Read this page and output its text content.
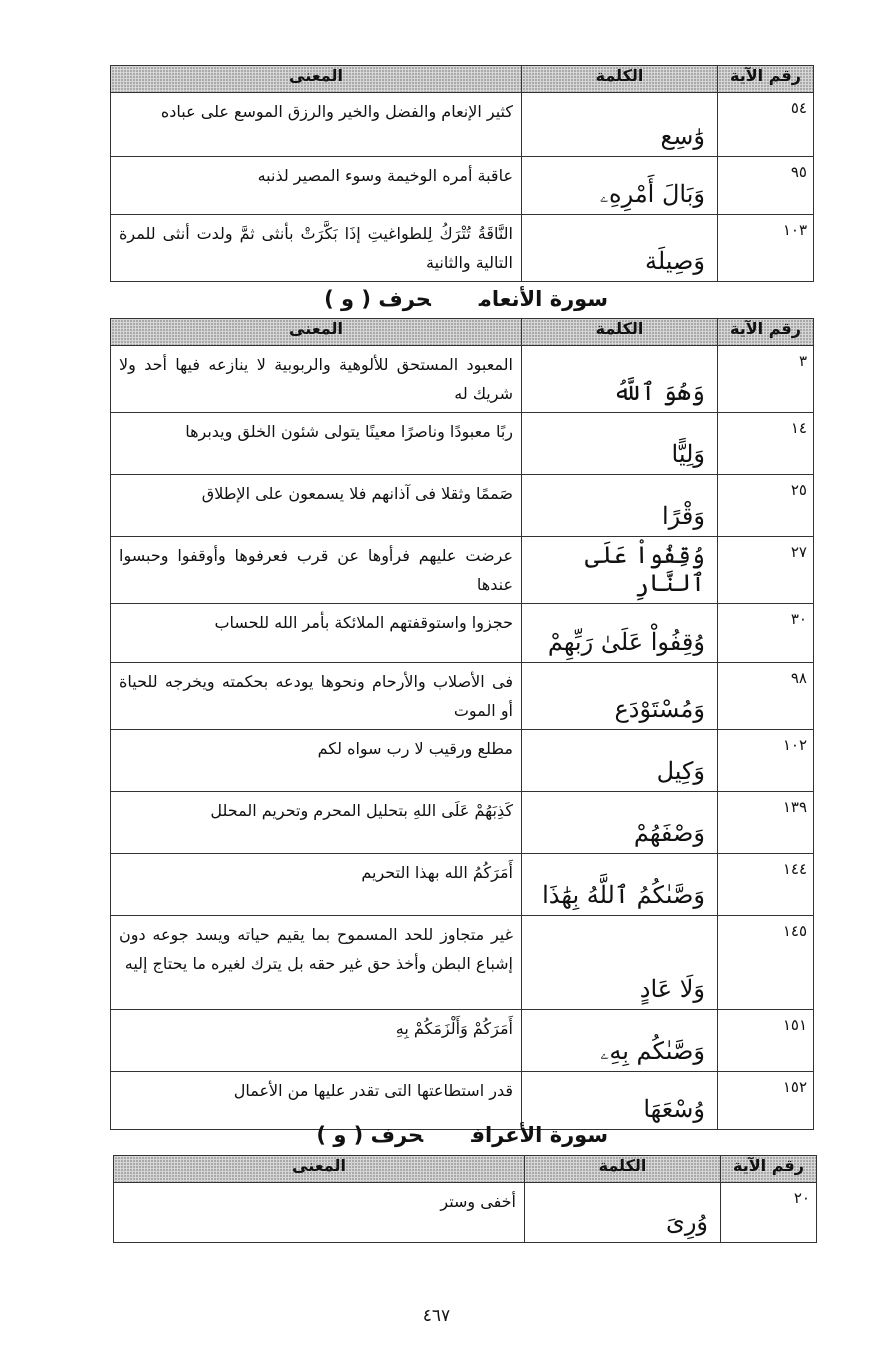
رقم الآية	الكلمة	المعنى
٥٤	وَٰسِع	كثير الإنعام والفضل والخير والرزق الموسع على عباده
٩٥	وَبَالَ أَمْرِهِۦ	عاقبة أمره الوخيمة وسوء المصير لذنبه
١٠٣	وَصِيلَة	النَّاقَةُ تُتْرَكُ لِلطواغيتِ إذَا بَكَّرَتْ بأنثى ثمَّ ولدت أنثى للمرة التالية والثانية
سورة الأنعامحرف ( و )
رقم الآية	الكلمة	المعنى
٣	وَهُوَ ٱللَّهُ	المعبود المستحق للألوهية والربوبية لا ينازعه فيها أحد ولا شريك له
١٤	وَلِيًّا	ربًا معبودًا وناصرًا معينًا يتولى شئون الخلق ويدبرها
٢٥	وَقْرًا	صَممًا وثقلا فى آذانهم فلا يسمعون على الإطلاق
٢٧	وُقِفُواْ عَلَى ٱلنَّارِ	عرضت عليهم فرأوها عن قرب فعرفوها وأوقفوا وحبسوا عندها
٣٠	وُقِفُواْ عَلَىٰ رَبِّهِمْ	حجزوا واستوقفتهم الملائكة بأمر الله للحساب
٩٨	وَمُسْتَوْدَع	فى الأصلاب والأرحام ونحوها يودعه بحكمته ويخرجه للحياة أو الموت
١٠٢	وَكِيل	مطلع ورقيب لا رب سواه لكم
١٣٩	وَصْفَهُمْ	كَذِبَهُمْ عَلَى اللهِ بتحليل المحرم وتحريم المحلل
١٤٤	وَصَّىٰكُمُ ٱللَّهُ بِهَٰذَا	أَمَرَكُمُ الله بهذا التحريم
١٤٥	وَلَا عَادٍ	غير متجاوز للحد المسموح بما يقيم حياته ويسد جوعه دون إشباع البطن وأخذ حق غير حقه بل يترك لغيره ما يحتاج إليه
١٥١	وَصَّىٰكُم بِهِۦ	أَمَرَكُمْ وَأَلْزَمَكُمْ بِهِ
١٥٢	وُسْعَهَا	قدر استطاعتها التى تقدر عليها من الأعمال
سورة الأعرافحرف ( و )
رقم الآية	الكلمة	المعنى
٢٠	وُرِىَ	أخفى وستر
٤٦٧
